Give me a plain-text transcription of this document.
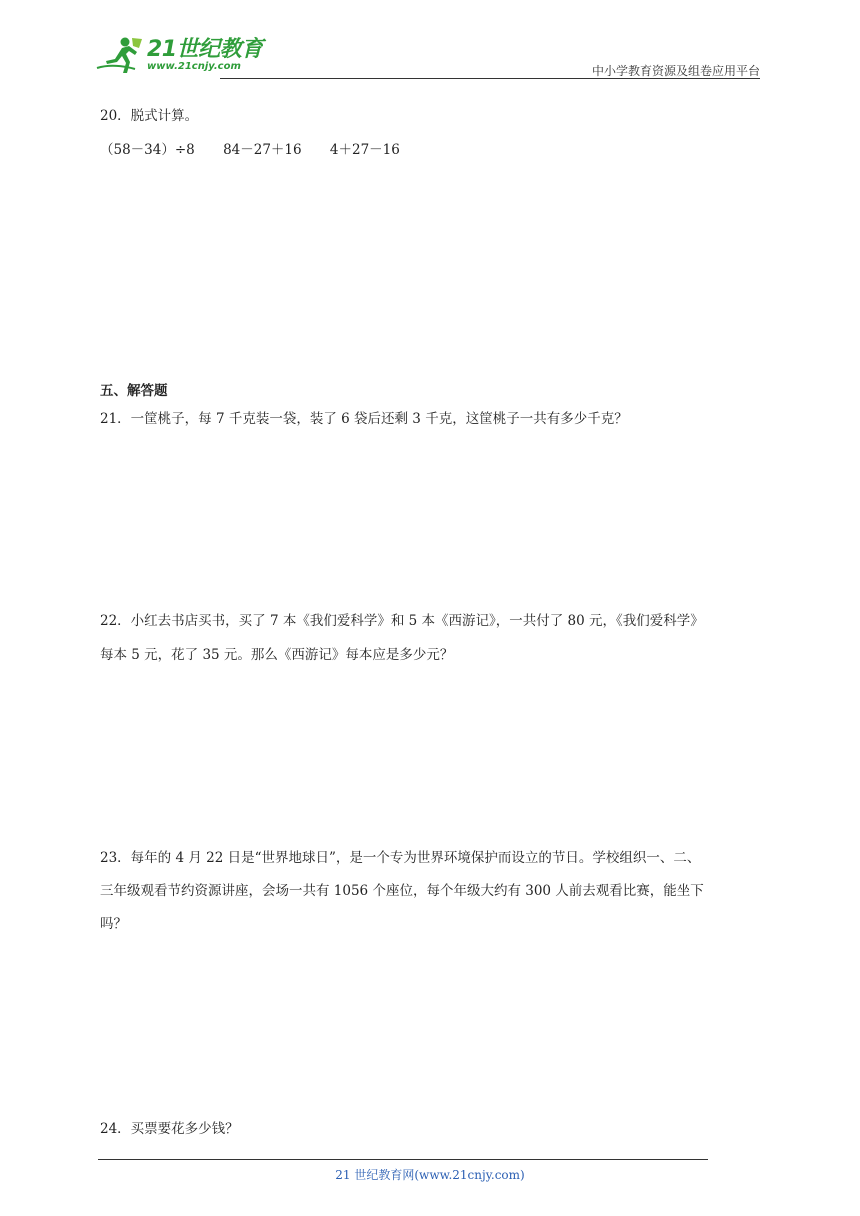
21世纪教育
www.21cnjy.com	中小学教育资源及组卷应用平台
20．脱式计算。
（58－34）÷8 84－27＋16 4＋27－16
五、解答题
21．一筐桃子，每 7 千克装一袋，装了 6 袋后还剩 3 千克，这筐桃子一共有多少千克？
22．小红去书店买书，买了 7 本《我们爱科学》和 5 本《西游记》，一共付了 80 元，《我们爱科学》
每本 5 元，花了 35 元。那么《西游记》每本应是多少元？
23．每年的 4 月 22 日是“世界地球日”，是一个专为世界环境保护而设立的节日。学校组织一、二、
三年级观看节约资源讲座，会场一共有 1056 个座位，每个年级大约有 300 人前去观看比赛，能坐下
吗？
24．买票要花多少钱？
21 世纪教育网(www.21cnjy.com)
